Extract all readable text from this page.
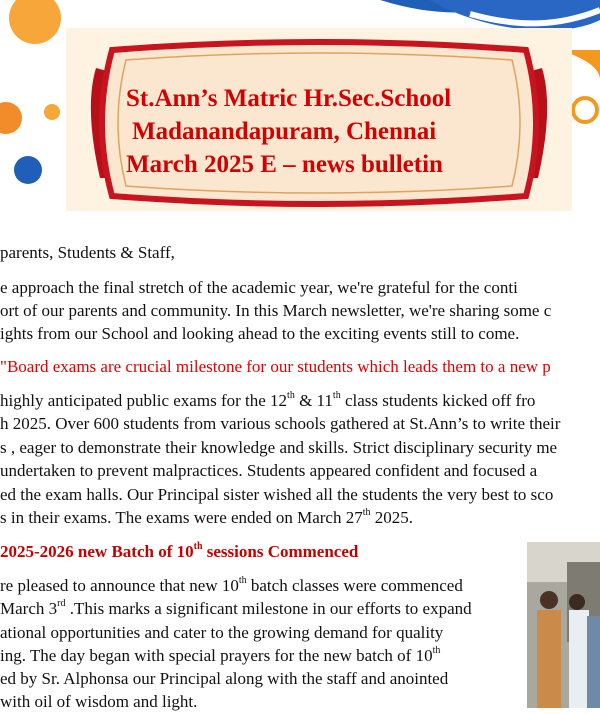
St.Ann’s Matric Hr.Sec.School
Madanandapuram, Chennai
March 2025 E – news bulletin

parents, Students & Staff,

e approach the final stretch of the academic year, we're grateful for the conti

ort of our parents and community. In this March newsletter, we're sharing some c

ights from our School and looking ahead to the exciting events still to come.

"Board exams are crucial milestone for our students which leads them to a new p

highly anticipated public exams for the 12th & 11th class students kicked off fro

h 2025. Over 600 students from various schools gathered at St.Ann’s to write their

s , eager to demonstrate their knowledge and skills. Strict disciplinary security me

undertaken to prevent malpractices. Students appeared confident and focused a

ed the exam halls. Our Principal sister wished all the students the very best to sco

s in their exams. The exams were ended on March 27th 2025.

2025-2026 new Batch of 10th sessions Commenced

re pleased to announce that new 10th batch classes were commenced

March 3rd .This marks a significant milestone in our efforts to expand

ational opportunities and cater to the growing demand for quality

ing. The day began with special prayers for the new batch of 10th

ed by Sr. Alphonsa our Principal along with the staff and anointed

with oil of wisdom and light.
